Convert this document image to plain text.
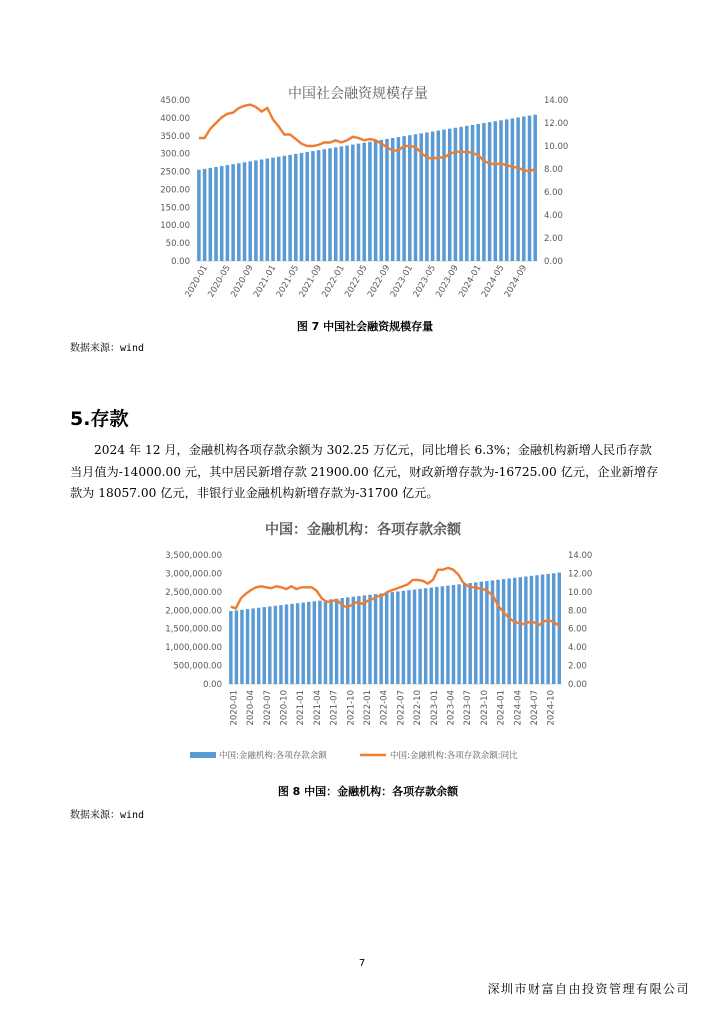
中国社会融资规模存量
0.00
50.00
100.00
150.00
200.00
250.00
300.00
350.00
400.00
450.00
0.00
2.00
4.00
6.00
8.00
10.00
12.00
14.00
2020-01
2020-05
2020-09
2021-01
2021-05
2021-09
2022-01
2022-05
2022-09
2023-01
2023-05
2023-09
2024-01
2024-05
2024-09
图 7 中国社会融资规模存量
数据来源：wind
5.存款
2024 年 12 月，金融机构各项存款余额为 302.25 万亿元，同比增长 6.3%；金融机构新增人民币存款当月值为-14000.00 元，其中居民新增存款 21900.00 亿元，财政新增存款为-16725.00 亿元，企业新增存款为 18057.00 亿元，非银行业金融机构新增存款为-31700 亿元。
中国：金融机构：各项存款余额
0.00
500,000.00
1,000,000.00
1,500,000.00
2,000,000.00
2,500,000.00
3,000,000.00
3,500,000.00
0.00
2.00
4.00
6.00
8.00
10.00
12.00
14.00
2020-01 2020-04 2020-07 2020-10 2021-01 2021-04 2021-07 2021-10 2022-01 2022-04 2022-07 2022-10 2023-01 2023-04 2023-07 2023-10 2024-01 2024-04 2024-07 2024-10
中国:金融机构:各项存款余额	中国:金融机构:各项存款余额:同比
图 8 中国：金融机构：各项存款余额
数据来源：wind
7
深圳市财富自由投资管理有限公司
